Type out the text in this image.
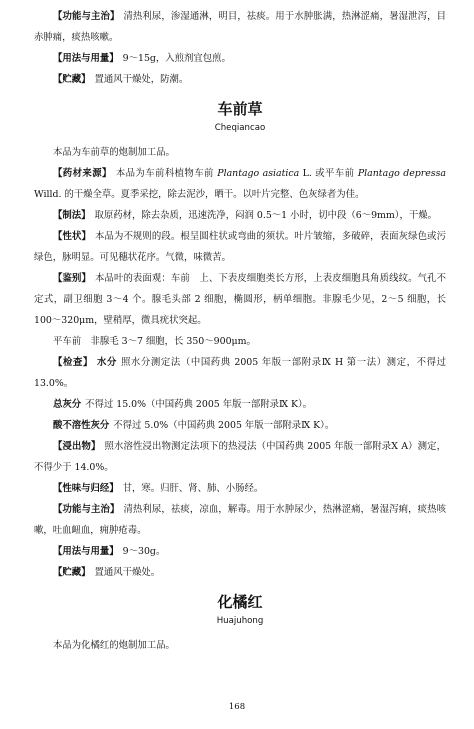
【功能与主治】 清热利尿，渗湿通淋，明目，祛痰。用于水肿胀满，热淋涩痛，暑湿泄泻，目赤肿痛，痰热咳嗽。

【用法与用量】 9～15g，入煎剂宜包煎。

【贮藏】 置通风干燥处，防潮。

车前草
Cheqiancao

本品为车前草的炮制加工品。

【药材来源】 本品为车前科植物车前 Plantago asiatica L. 或平车前 Plantago depressa Willd. 的干燥全草。夏季采挖，除去泥沙，晒干。以叶片完整、色灰绿者为佳。

【制法】 取原药材，除去杂质，迅速洗净，闷润 0.5～1 小时，切中段（6～9mm），干燥。

【性状】 本品为不规则的段。根呈圆柱状或弯曲的须状。叶片皱缩，多破碎，表面灰绿色或污绿色，脉明显。可见穗状花序。气微，味微苦。

【鉴别】 本品叶的表面观：车前　上、下表皮细胞类长方形，上表皮细胞具角质线纹。气孔不定式，副卫细胞 3～4 个。腺毛头部 2 细胞，椭圆形，柄单细胞。非腺毛少见，2～5 细胞，长 100～320μm，壁稍厚，微具疣状突起。

平车前　非腺毛 3～7 细胞，长 350～900μm。

【检查】 水分 照水分测定法（中国药典 2005 年版一部附录Ⅸ H 第一法）测定，不得过 13.0%。

总灰分 不得过 15.0%（中国药典 2005 年版一部附录Ⅸ K）。

酸不溶性灰分 不得过 5.0%（中国药典 2005 年版一部附录Ⅸ K）。

【浸出物】 照水溶性浸出物测定法项下的热浸法（中国药典 2005 年版一部附录Ⅹ A）测定，不得少于 14.0%。

【性味与归经】 甘，寒。归肝、肾、肺、小肠经。

【功能与主治】 清热利尿，祛痰，凉血，解毒。用于水肿尿少，热淋涩痛，暑湿泻痢，痰热咳嗽，吐血衄血，痈肿疮毒。

【用法与用量】 9～30g。

【贮藏】 置通风干燥处。

化橘红
Huajuhong

本品为化橘红的炮制加工品。

168
